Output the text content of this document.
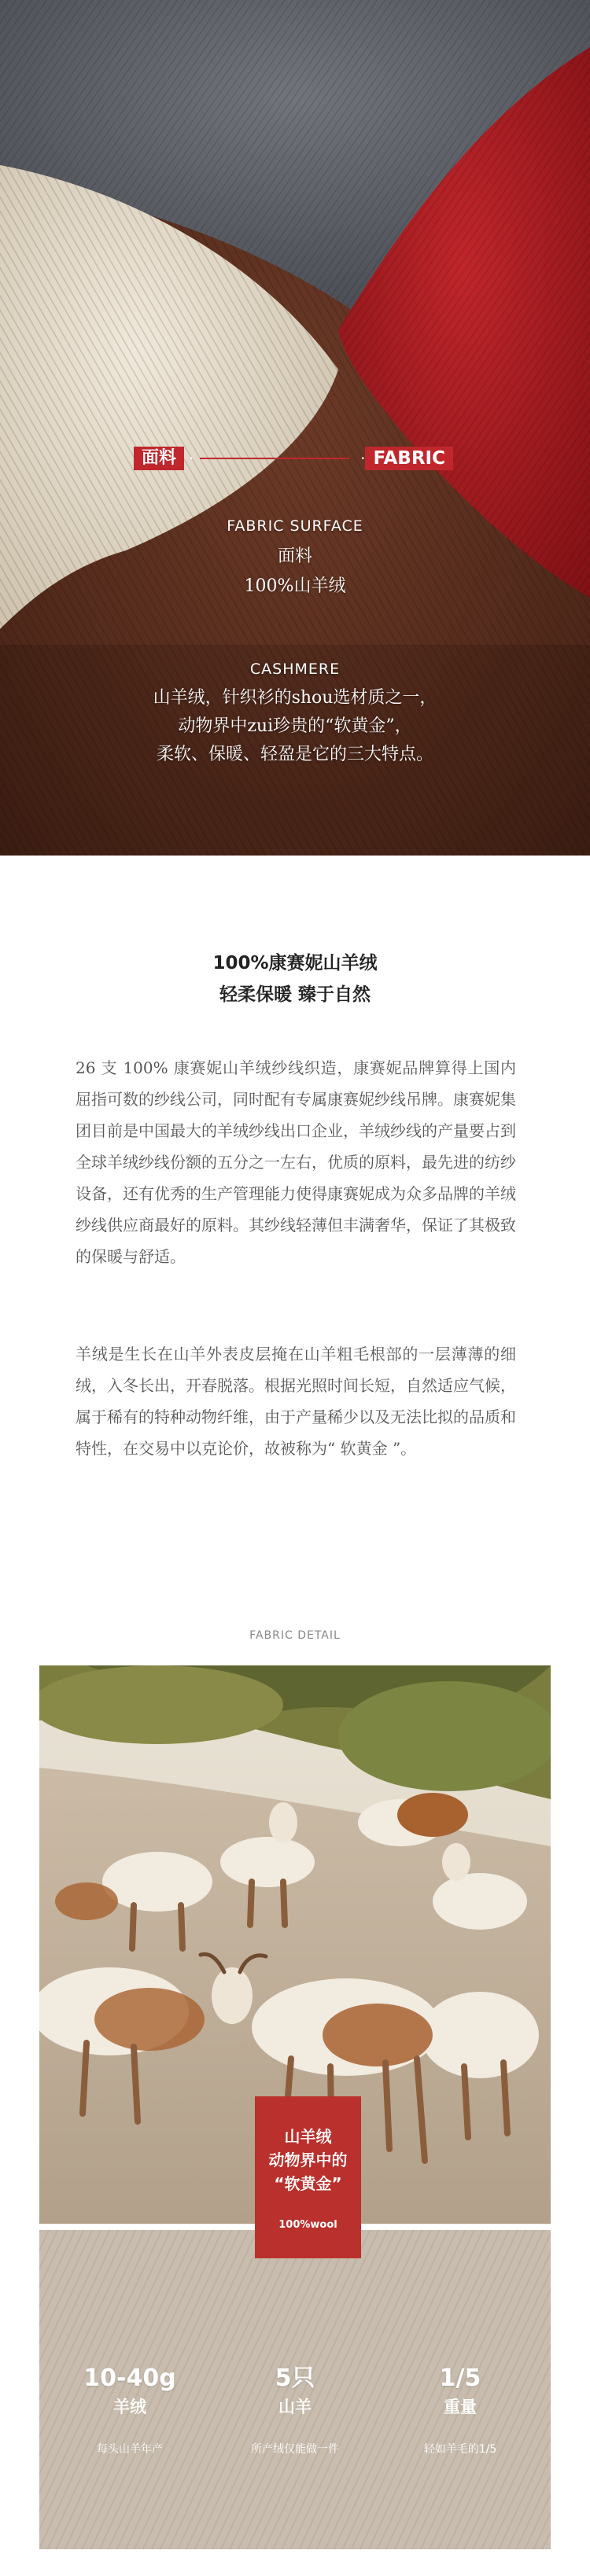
面料 ·	· FABRIC
FABRIC SURFACE
面料
100%山羊绒
CASHMERE
山羊绒，针织衫的shou选材质之一，
动物界中zui珍贵的“软黄金”，
柔软、保暖、轻盈是它的三大特点。
100%康赛妮山羊绒
轻柔保暖 臻于自然
26 支 100% 康赛妮山羊绒纱线织造，康赛妮品牌算得上国内屈指可数的纱线公司，同时配有专属康赛妮纱线吊牌。康赛妮集团目前是中国最大的羊绒纱线出口企业，羊绒纱线的产量要占到全球羊绒纱线份额的五分之一左右，优质的原料，最先进的纺纱设备，还有优秀的生产管理能力使得康赛妮成为众多品牌的羊绒纱线供应商最好的原料。其纱线轻薄但丰满奢华，保证了其极致的保暖与舒适。
羊绒是生长在山羊外表皮层掩在山羊粗毛根部的一层薄薄的细绒，入冬长出，开春脱落。根据光照时间长短，自然适应气候，属于稀有的特种动物纤维，由于产量稀少以及无法比拟的品质和特性，在交易中以克论价，故被称为“ 软黄金 ”。
FABRIC DETAIL
10-40g
羊绒
每头山羊年产
5只
山羊
所产绒仅能做一件
1/5
重量
轻如羊毛的1/5
山羊绒
动物界中的
“软黄金”
100%wool
